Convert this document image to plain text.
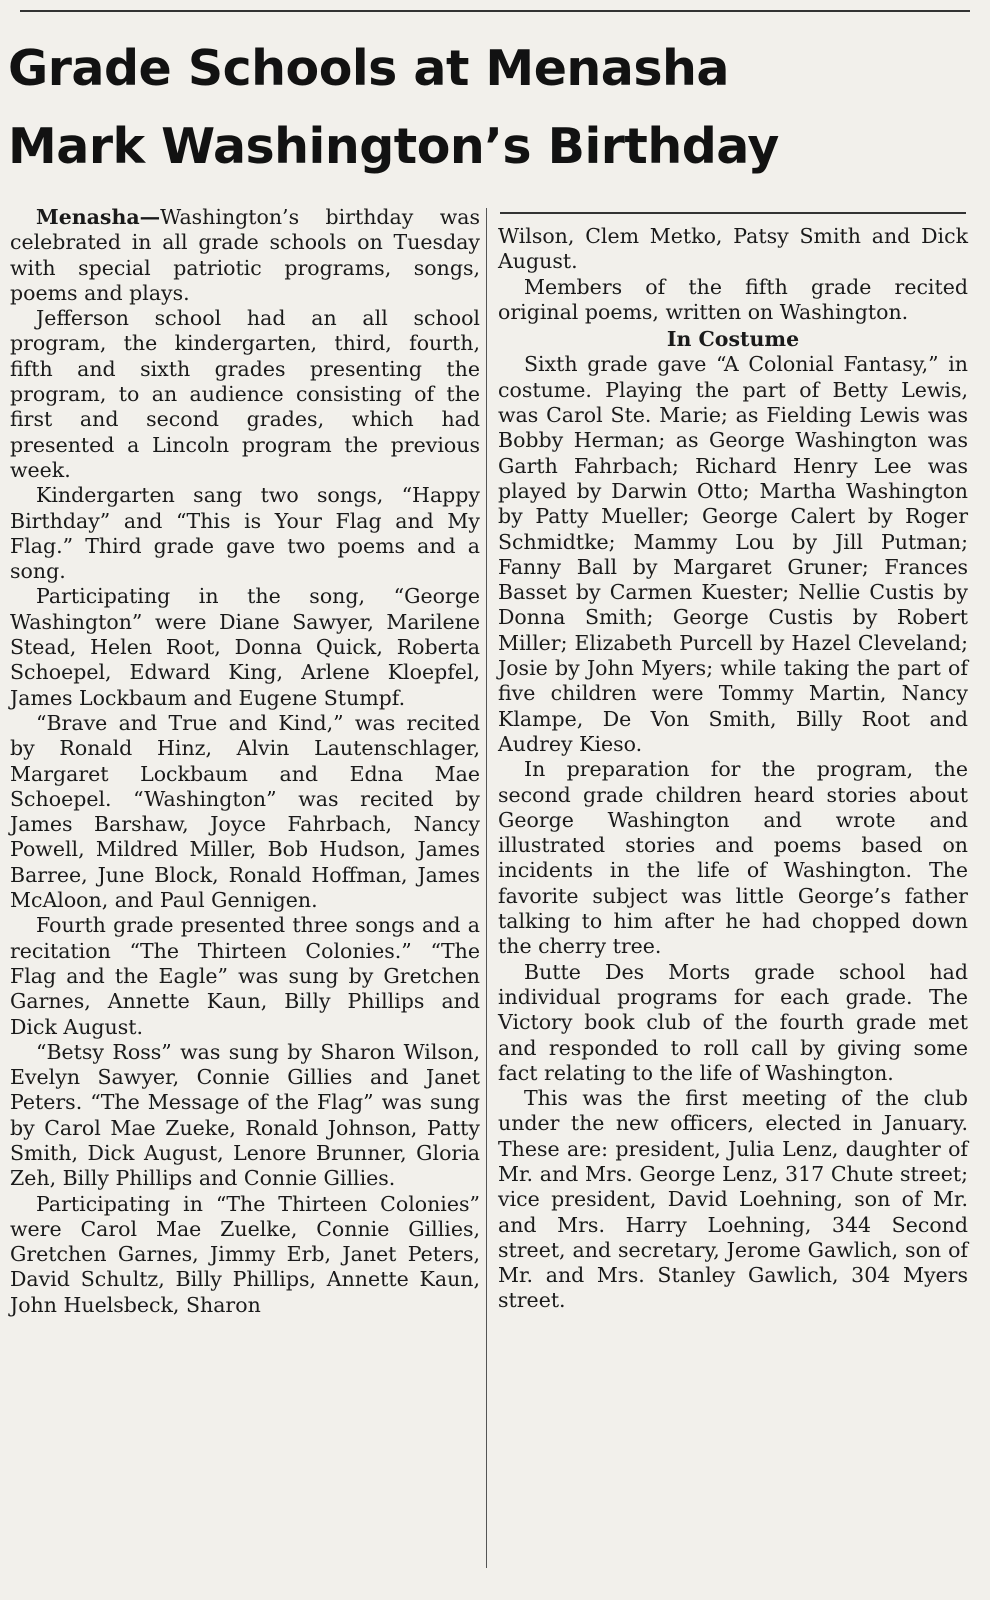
Grade Schools at Menasha
Mark Washington’s Birthday

Menasha—Washington’s birthday was celebrated in all grade schools on Tuesday with special patriotic programs, songs, poems and plays.

Jefferson school had an all school program, the kindergarten, third, fourth, fifth and sixth grades presenting the program, to an audience consisting of the first and second grades, which had presented a Lincoln program the previous week.

Kindergarten sang two songs, “Happy Birthday” and “This is Your Flag and My Flag.” Third grade gave two poems and a song.

Participating in the song, “George Washington” were Diane Sawyer, Marilene Stead, Helen Root, Donna Quick, Roberta Schoepel, Edward King, Arlene Kloepfel, James Lockbaum and Eugene Stumpf.

“Brave and True and Kind,” was recited by Ronald Hinz, Alvin Lautenschlager, Margaret Lockbaum and Edna Mae Schoepel. “Washington” was recited by James Barshaw, Joyce Fahrbach, Nancy Powell, Mildred Miller, Bob Hudson, James Barree, June Block, Ronald Hoffman, James McAloon, and Paul Gennigen.

Fourth grade presented three songs and a recitation “The Thirteen Colonies.” “The Flag and the Eagle” was sung by Gretchen Garnes, Annette Kaun, Billy Phillips and Dick August.

“Betsy Ross” was sung by Sharon Wilson, Evelyn Sawyer, Connie Gillies and Janet Peters. “The Message of the Flag” was sung by Carol Mae Zueke, Ronald Johnson, Patty Smith, Dick August, Lenore Brunner, Gloria Zeh, Billy Phillips and Connie Gillies.

Participating in “The Thirteen Colonies” were Carol Mae Zuelke, Connie Gillies, Gretchen Garnes, Jimmy Erb, Janet Peters, David Schultz, Billy Phillips, Annette Kaun, John Huelsbeck, Sharon

Wilson, Clem Metko, Patsy Smith and Dick August.

Members of the fifth grade recited original poems, written on Washington.

In Costume

Sixth grade gave “A Colonial Fantasy,” in costume. Playing the part of Betty Lewis, was Carol Ste. Marie; as Fielding Lewis was Bobby Herman; as George Washington was Garth Fahrbach; Richard Henry Lee was played by Darwin Otto; Martha Washington by Patty Mueller; George Calert by Roger Schmidtke; Mammy Lou by Jill Putman; Fanny Ball by Margaret Gruner; Frances Basset by Carmen Kuester; Nellie Custis by Donna Smith; George Custis by Robert Miller; Elizabeth Purcell by Hazel Cleveland; Josie by John Myers; while taking the part of five children were Tommy Martin, Nancy Klampe, De Von Smith, Billy Root and Audrey Kieso.

In preparation for the program, the second grade children heard stories about George Washington and wrote and illustrated stories and poems based on incidents in the life of Washington. The favorite subject was little George’s father talking to him after he had chopped down the cherry tree.

Butte Des Morts grade school had individual programs for each grade. The Victory book club of the fourth grade met and responded to roll call by giving some fact relating to the life of Washington.

This was the first meeting of the club under the new officers, elected in January. These are: president, Julia Lenz, daughter of Mr. and Mrs. George Lenz, 317 Chute street; vice president, David Loehning, son of Mr. and Mrs. Harry Loehning, 344 Second street, and secretary, Jerome Gawlich, son of Mr. and Mrs. Stanley Gawlich, 304 Myers street.
